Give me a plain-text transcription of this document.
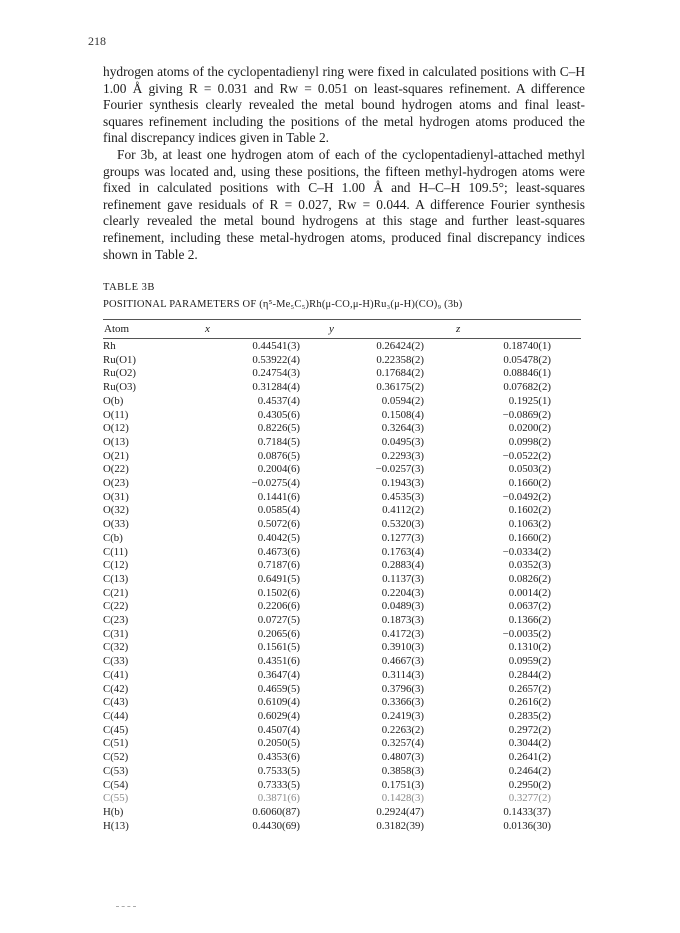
218

hydrogen atoms of the cyclopentadienyl ring were fixed in calculated positions with C–H 1.00 Å giving R = 0.031 and Rw = 0.051 on least-squares refinement. A difference Fourier synthesis clearly revealed the metal bound hydrogen atoms and final least-squares refinement including the positions of the metal hydrogen atoms produced the final discrepancy indices given in Table 2.

For 3b, at least one hydrogen atom of each of the cyclopentadienyl-attached methyl groups was located and, using these positions, the fifteen methyl-hydrogen atoms were fixed in calculated positions with C–H 1.00 Å and H–C–H 109.5°; least-squares refinement gave residuals of R = 0.027, Rw = 0.044. A difference Fourier synthesis clearly revealed the metal bound hydrogens at this stage and further least-squares refinement, including these metal-hydrogen atoms, produced final discrepancy indices shown in Table 2.

TABLE 3B
POSITIONAL PARAMETERS OF (η⁵-Me₅C₅)Rh(μ-CO,μ-H)Ru₃(μ-H)(CO)₉ (3b)
Atom	x	y	z
Rh	0.44541(3)	0.26424(2)	0.18740(1)
Ru(O1)	0.53922(4)	0.22358(2)	0.05478(2)
Ru(O2)	0.24754(3)	0.17684(2)	0.08846(1)
Ru(O3)	0.31284(4)	0.36175(2)	0.07682(2)
O(b)	0.4537(4)	0.0594(2)	0.1925(1)
O(11)	0.4305(6)	0.1508(4)	−0.0869(2)
O(12)	0.8226(5)	0.3264(3)	0.0200(2)
O(13)	0.7184(5)	0.0495(3)	0.0998(2)
O(21)	0.0876(5)	0.2293(3)	−0.0522(2)
O(22)	0.2004(6)	−0.0257(3)	0.0503(2)
O(23)	−0.0275(4)	0.1943(3)	0.1660(2)
O(31)	0.1441(6)	0.4535(3)	−0.0492(2)
O(32)	0.0585(4)	0.4112(2)	0.1602(2)
O(33)	0.5072(6)	0.5320(3)	0.1063(2)
C(b)	0.4042(5)	0.1277(3)	0.1660(2)
C(11)	0.4673(6)	0.1763(4)	−0.0334(2)
C(12)	0.7187(6)	0.2883(4)	0.0352(3)
C(13)	0.6491(5)	0.1137(3)	0.0826(2)
C(21)	0.1502(6)	0.2204(3)	0.0014(2)
C(22)	0.2206(6)	0.0489(3)	0.0637(2)
C(23)	0.0727(5)	0.1873(3)	0.1366(2)
C(31)	0.2065(6)	0.4172(3)	−0.0035(2)
C(32)	0.1561(5)	0.3910(3)	0.1310(2)
C(33)	0.4351(6)	0.4667(3)	0.0959(2)
C(41)	0.3647(4)	0.3114(3)	0.2844(2)
C(42)	0.4659(5)	0.3796(3)	0.2657(2)
C(43)	0.6109(4)	0.3366(3)	0.2616(2)
C(44)	0.6029(4)	0.2419(3)	0.2835(2)
C(45)	0.4507(4)	0.2263(2)	0.2972(2)
C(51)	0.2050(5)	0.3257(4)	0.3044(2)
C(52)	0.4353(6)	0.4807(3)	0.2641(2)
C(53)	0.7533(5)	0.3858(3)	0.2464(2)
C(54)	0.7333(5)	0.1751(3)	0.2950(2)
C(55)	0.3871(6)	0.1428(3)	0.3277(2)
H(b)	0.6060(87)	0.2924(47)	0.1433(37)
H(13)	0.4430(69)	0.3182(39)	0.0136(30)
